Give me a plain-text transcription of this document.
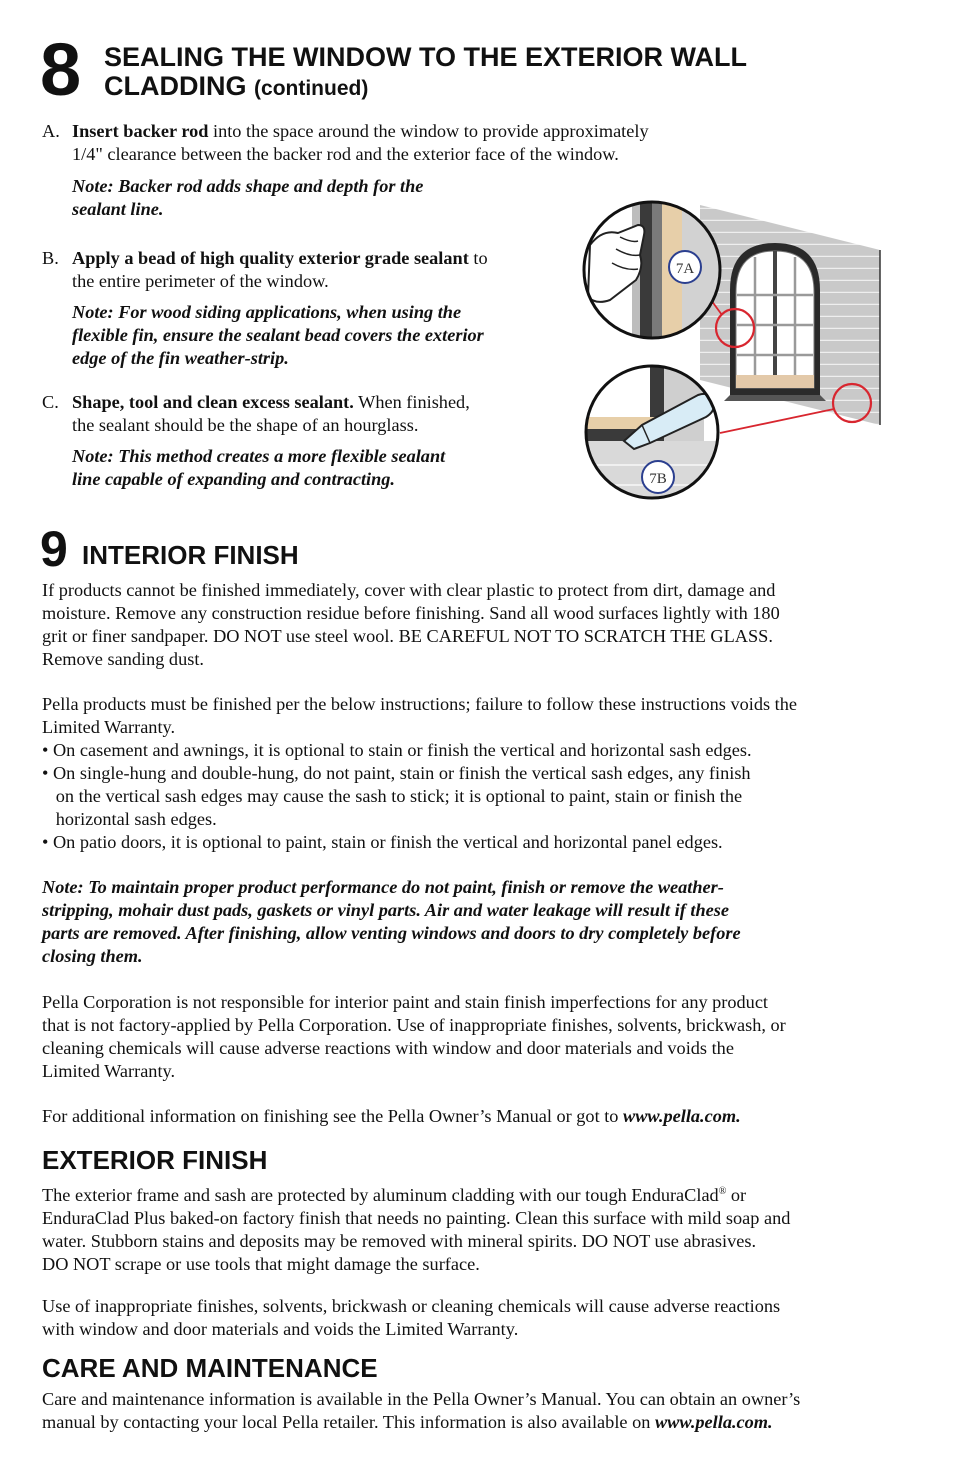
8 SEALING THE WINDOW TO THE EXTERIOR WALL
CLADDING (continued)
A. Insert backer rod into the space around the window to provide approximately
1/4" clearance between the backer rod and the exterior face of the window.
Note: Backer rod adds shape and depth for the
sealant line.
B. Apply a bead of high quality exterior grade sealant to
the entire perimeter of the window.
Note: For wood siding applications, when using the
flexible fin, ensure the sealant bead covers the exterior
edge of the fin weather-strip.
C. Shape, tool and clean excess sealant. When finished,
the sealant should be the shape of an hourglass.
Note: This method creates a more flexible sealant
line capable of expanding and contracting.
7A
7B
9 INTERIOR FINISH
If products cannot be finished immediately, cover with clear plastic to protect from dirt, damage and
moisture. Remove any construction residue before finishing. Sand all wood surfaces lightly with 180
grit or finer sandpaper. DO NOT use steel wool. BE CAREFUL NOT TO SCRATCH THE GLASS.
Remove sanding dust.
Pella products must be finished per the below instructions; failure to follow these instructions voids the
Limited Warranty.
• On casement and awnings, it is optional to stain or finish the vertical and horizontal sash edges.
• On single-hung and double-hung, do not paint, stain or finish the vertical sash edges, any finish
on the vertical sash edges may cause the sash to stick; it is optional to paint, stain or finish the
horizontal sash edges.
• On patio doors, it is optional to paint, stain or finish the vertical and horizontal panel edges.
Note: To maintain proper product performance do not paint, finish or remove the weather-
stripping, mohair dust pads, gaskets or vinyl parts. Air and water leakage will result if these
parts are removed. After finishing, allow venting windows and doors to dry completely before
closing them.
Pella Corporation is not responsible for interior paint and stain finish imperfections for any product
that is not factory-applied by Pella Corporation. Use of inappropriate finishes, solvents, brickwash, or
cleaning chemicals will cause adverse reactions with window and door materials and voids the
Limited Warranty.
For additional information on finishing see the Pella Owner’s Manual or got to www.pella.com.
EXTERIOR FINISH
The exterior frame and sash are protected by aluminum cladding with our tough EnduraClad® or
EnduraClad Plus baked-on factory finish that needs no painting. Clean this surface with mild soap and
water. Stubborn stains and deposits may be removed with mineral spirits. DO NOT use abrasives.
DO NOT scrape or use tools that might damage the surface.
Use of inappropriate finishes, solvents, brickwash or cleaning chemicals will cause adverse reactions
with window and door materials and voids the Limited Warranty.
CARE AND MAINTENANCE
Care and maintenance information is available in the Pella Owner’s Manual. You can obtain an owner’s
manual by contacting your local Pella retailer. This information is also available on www.pella.com.
